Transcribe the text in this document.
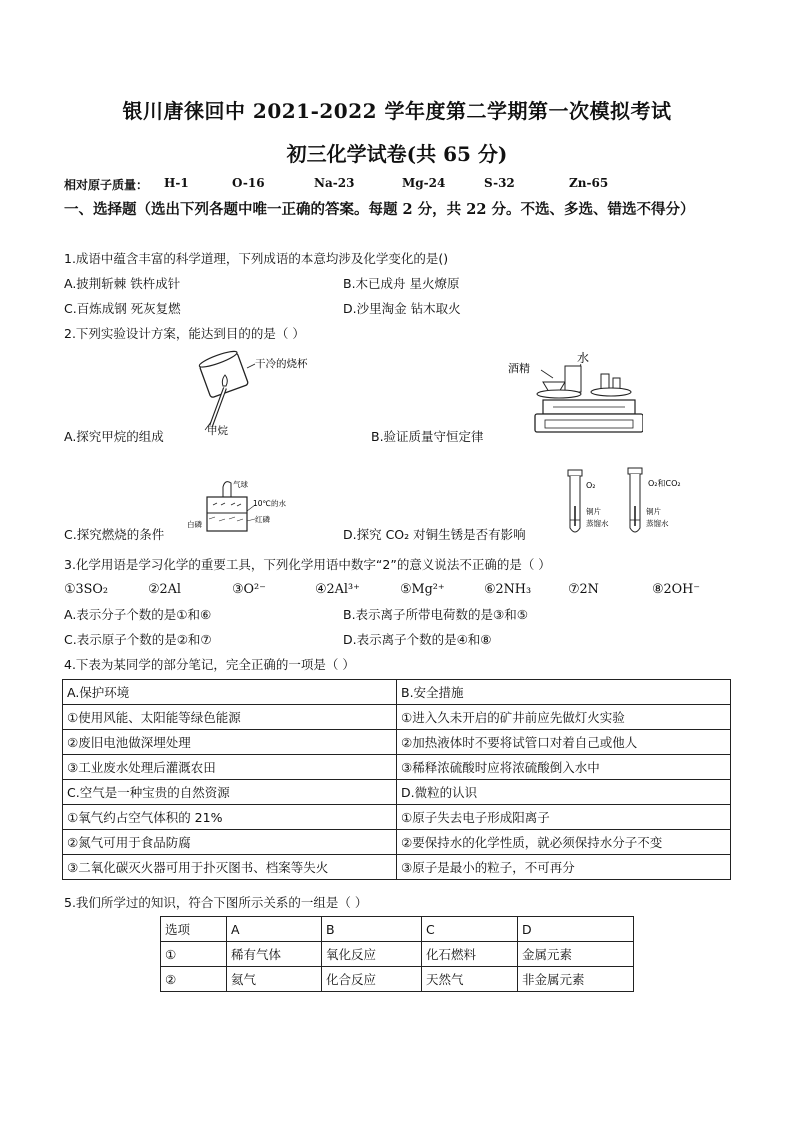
银川唐徕回中 2021-2022 学年度第二学期第一次模拟考试
初三化学试卷(共 65 分)
相对原子质量： H-1	O-16	Na-23	Mg-24	S-32	Zn-65
一、选择题（选出下列各题中唯一正确的答案。每题 2 分，共 22 分。不选、多选、错选不得分）
1.成语中蕴含丰富的科学道理，下列成语的本意均涉及化学变化的是()
A.披荆斩棘 铁杵成针	B.木已成舟 星火燎原
C.百炼成钢 死灰复燃	D.沙里淘金 钻木取火
2.下列实验设计方案，能达到目的的是（ ）
干冷的烧杯
甲烷
酒精
水
A.探究甲烷的组成	B.验证质量守恒定律
气球
10℃的水
白磷
红磷
O₂	O₂和CO₂
铜片
蒸馏水
铜片
蒸馏水
C.探究燃烧的条件	D.探究 CO₂ 对铜生锈是否有影响
3.化学用语是学习化学的重要工具，下列化学用语中数字“2”的意义说法不正确的是（ ）
①3SO₂	②2Al	③O²⁻	④2Al³⁺	⑤Mg²⁺	⑥2NH₃	⑦2N	⑧2OH⁻
A.表示分子个数的是①和⑥	B.表示离子所带电荷数的是③和⑤
C.表示原子个数的是②和⑦	D.表示离子个数的是④和⑧
4.下表为某同学的部分笔记，完全正确的一项是（ ）
A.保护环境	B.安全措施
①使用风能、太阳能等绿色能源	①进入久未开启的矿井前应先做灯火实验
②废旧电池做深埋处理	②加热液体时不要将试管口对着自己或他人
③工业废水处理后灌溉农田	③稀释浓硫酸时应将浓硫酸倒入水中
C.空气是一种宝贵的自然资源	D.微粒的认识
①氧气约占空气体积的 21%	①原子失去电子形成阳离子
②氮气可用于食品防腐	②要保持水的化学性质，就必须保持水分子不变
③二氧化碳灭火器可用于扑灭图书、档案等失火	③原子是最小的粒子，不可再分
5.我们所学过的知识，符合下图所示关系的一组是（ ）
选项	A	B	C	D
①	稀有气体	氧化反应	化石燃料	金属元素
②	氦气	化合反应	天然气	非金属元素
